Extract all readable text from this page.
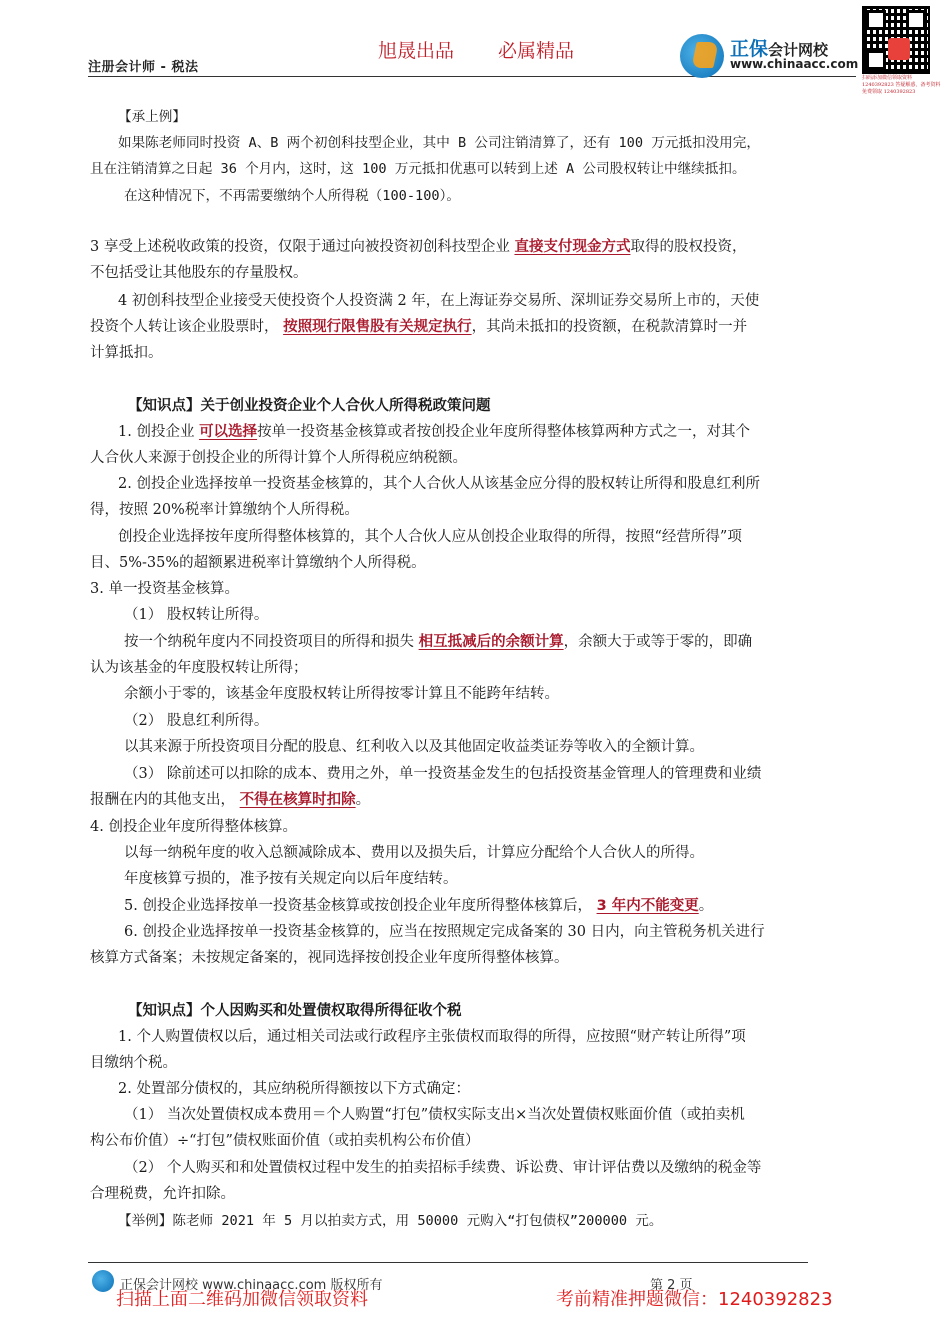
旭晟出品 必属精品
注册会计师 - 税法
正保会计网校
www.chinaacc.com
扫码添加微信领取资料 1240392823 答疑解惑，备考资料免费领取 1240392823
【承上例】
如果陈老师同时投资 A、B 两个初创科技型企业，其中 B 公司注销清算了，还有 100 万元抵扣没用完，
且在注销清算之日起 36 个月内，这时，这 100 万元抵扣优惠可以转到上述 A 公司股权转让中继续抵扣。
在这种情况下，不再需要缴纳个人所得税（100-100）。
3 享受上述税收政策的投资，仅限于通过向被投资初创科技型企业 直接支付现金方式取得的股权投资，
不包括受让其他股东的存量股权。
4 初创科技型企业接受天使投资个人投资满 2 年，在上海证券交易所、深圳证券交易所上市的，天使
投资个人转让该企业股票时， 按照现行限售股有关规定执行，其尚未抵扣的投资额，在税款清算时一并
计算抵扣。
【知识点】关于创业投资企业个人合伙人所得税政策问题
1. 创投企业 可以选择按单一投资基金核算或者按创投企业年度所得整体核算两种方式之一，对其个
人合伙人来源于创投企业的所得计算个人所得税应纳税额。
2. 创投企业选择按单一投资基金核算的，其个人合伙人从该基金应分得的股权转让所得和股息红利所
得，按照 20%税率计算缴纳个人所得税。
创投企业选择按年度所得整体核算的，其个人合伙人应从创投企业取得的所得，按照“经营所得”项
目、5%-35%的超额累进税率计算缴纳个人所得税。
3. 单一投资基金核算。
（1） 股权转让所得。
按一个纳税年度内不同投资项目的所得和损失 相互抵减后的余额计算，余额大于或等于零的，即确
认为该基金的年度股权转让所得；
余额小于零的，该基金年度股权转让所得按零计算且不能跨年结转。
（2） 股息红利所得。
以其来源于所投资项目分配的股息、红利收入以及其他固定收益类证券等收入的全额计算。
（3） 除前述可以扣除的成本、费用之外，单一投资基金发生的包括投资基金管理人的管理费和业绩
报酬在内的其他支出， 不得在核算时扣除。
4. 创投企业年度所得整体核算。
以每一纳税年度的收入总额减除成本、费用以及损失后，计算应分配给个人合伙人的所得。
年度核算亏损的，准予按有关规定向以后年度结转。
5. 创投企业选择按单一投资基金核算或按创投企业年度所得整体核算后， 3 年内不能变更。
6. 创投企业选择按单一投资基金核算的，应当在按照规定完成备案的 30 日内，向主管税务机关进行
核算方式备案；未按规定备案的，视同选择按创投企业年度所得整体核算。
【知识点】个人因购买和处置债权取得所得征收个税
1. 个人购置债权以后，通过相关司法或行政程序主张债权而取得的所得，应按照“财产转让所得”项
目缴纳个税。
2. 处置部分债权的，其应纳税所得额按以下方式确定：
（1） 当次处置债权成本费用＝个人购置“打包”债权实际支出×当次处置债权账面价值（或拍卖机
构公布价值）÷“打包”债权账面价值（或拍卖机构公布价值）
（2） 个人购买和和处置债权过程中发生的拍卖招标手续费、诉讼费、审计评估费以及缴纳的税金等
合理税费，允许扣除。
【举例】陈老师 2021 年 5 月以拍卖方式，用 50000 元购入“打包债权”200000 元。
正保会计网校 www.chinaacc.com 版权所有	第 2 页
扫描上面二维码加微信领取资料	考前精准押题微信：1240392823
